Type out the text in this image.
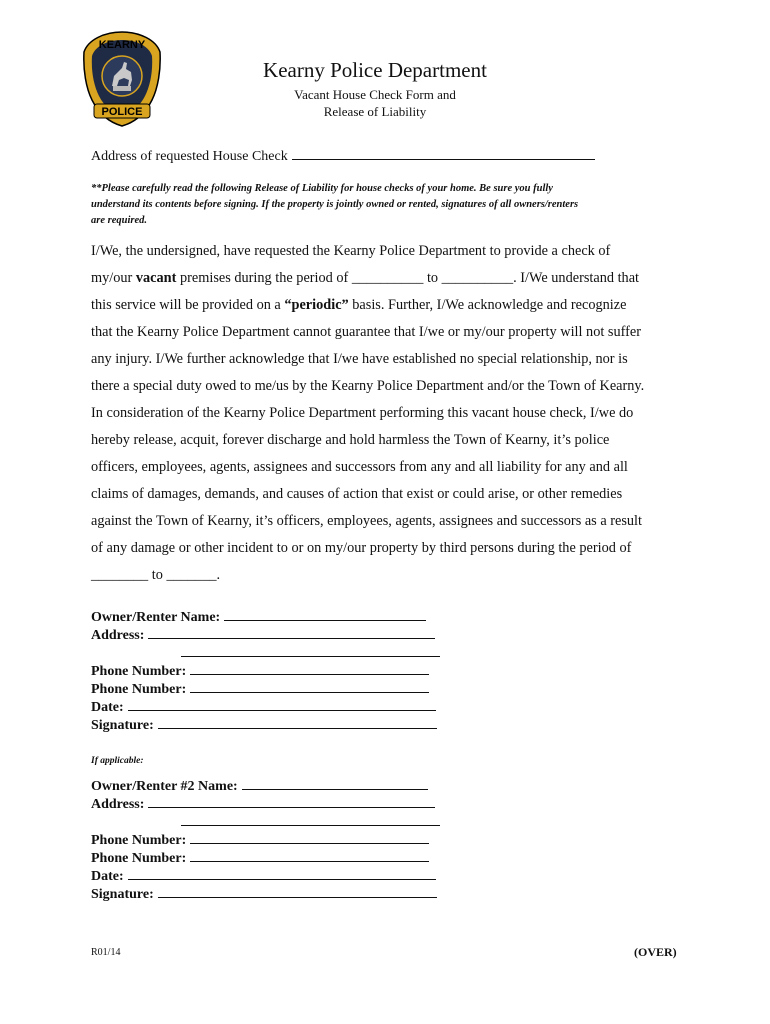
KEARNY
POLICE
Kearny Police Department
Vacant House Check Form and
Release of Liability
Address of requested House Check
**Please carefully read the following Release of Liability for house checks of your home. Be sure you fully
understand its contents before signing. If the property is jointly owned or rented, signatures of all owners/renters
are required.
I/We, the undersigned, have requested the Kearny Police Department to provide a check of
my/our vacant premises during the period of __________ to __________. I/We understand that
this service will be provided on a “periodic” basis. Further, I/We acknowledge and recognize
that the Kearny Police Department cannot guarantee that I/we or my/our property will not suffer
any injury. I/We further acknowledge that I/we have established no special relationship, nor is
there a special duty owed to me/us by the Kearny Police Department and/or the Town of Kearny.
In consideration of the Kearny Police Department performing this vacant house check, I/we do
hereby release, acquit, forever discharge and hold harmless the Town of Kearny, it’s police
officers, employees, agents, assignees and successors from any and all liability for any and all
claims of damages, demands, and causes of action that exist or could arise, or other remedies
against the Town of Kearny, it’s officers, employees, agents, assignees and successors as a result
of any damage or other incident to or on my/our property by third persons during the period of
________ to _______.
Owner/Renter Name:
Address:
Phone Number:
Phone Number:
Date:
Signature:
If applicable:
Owner/Renter #2 Name:
Address:
Phone Number:
Phone Number:
Date:
Signature:
R01/14	(OVER)
